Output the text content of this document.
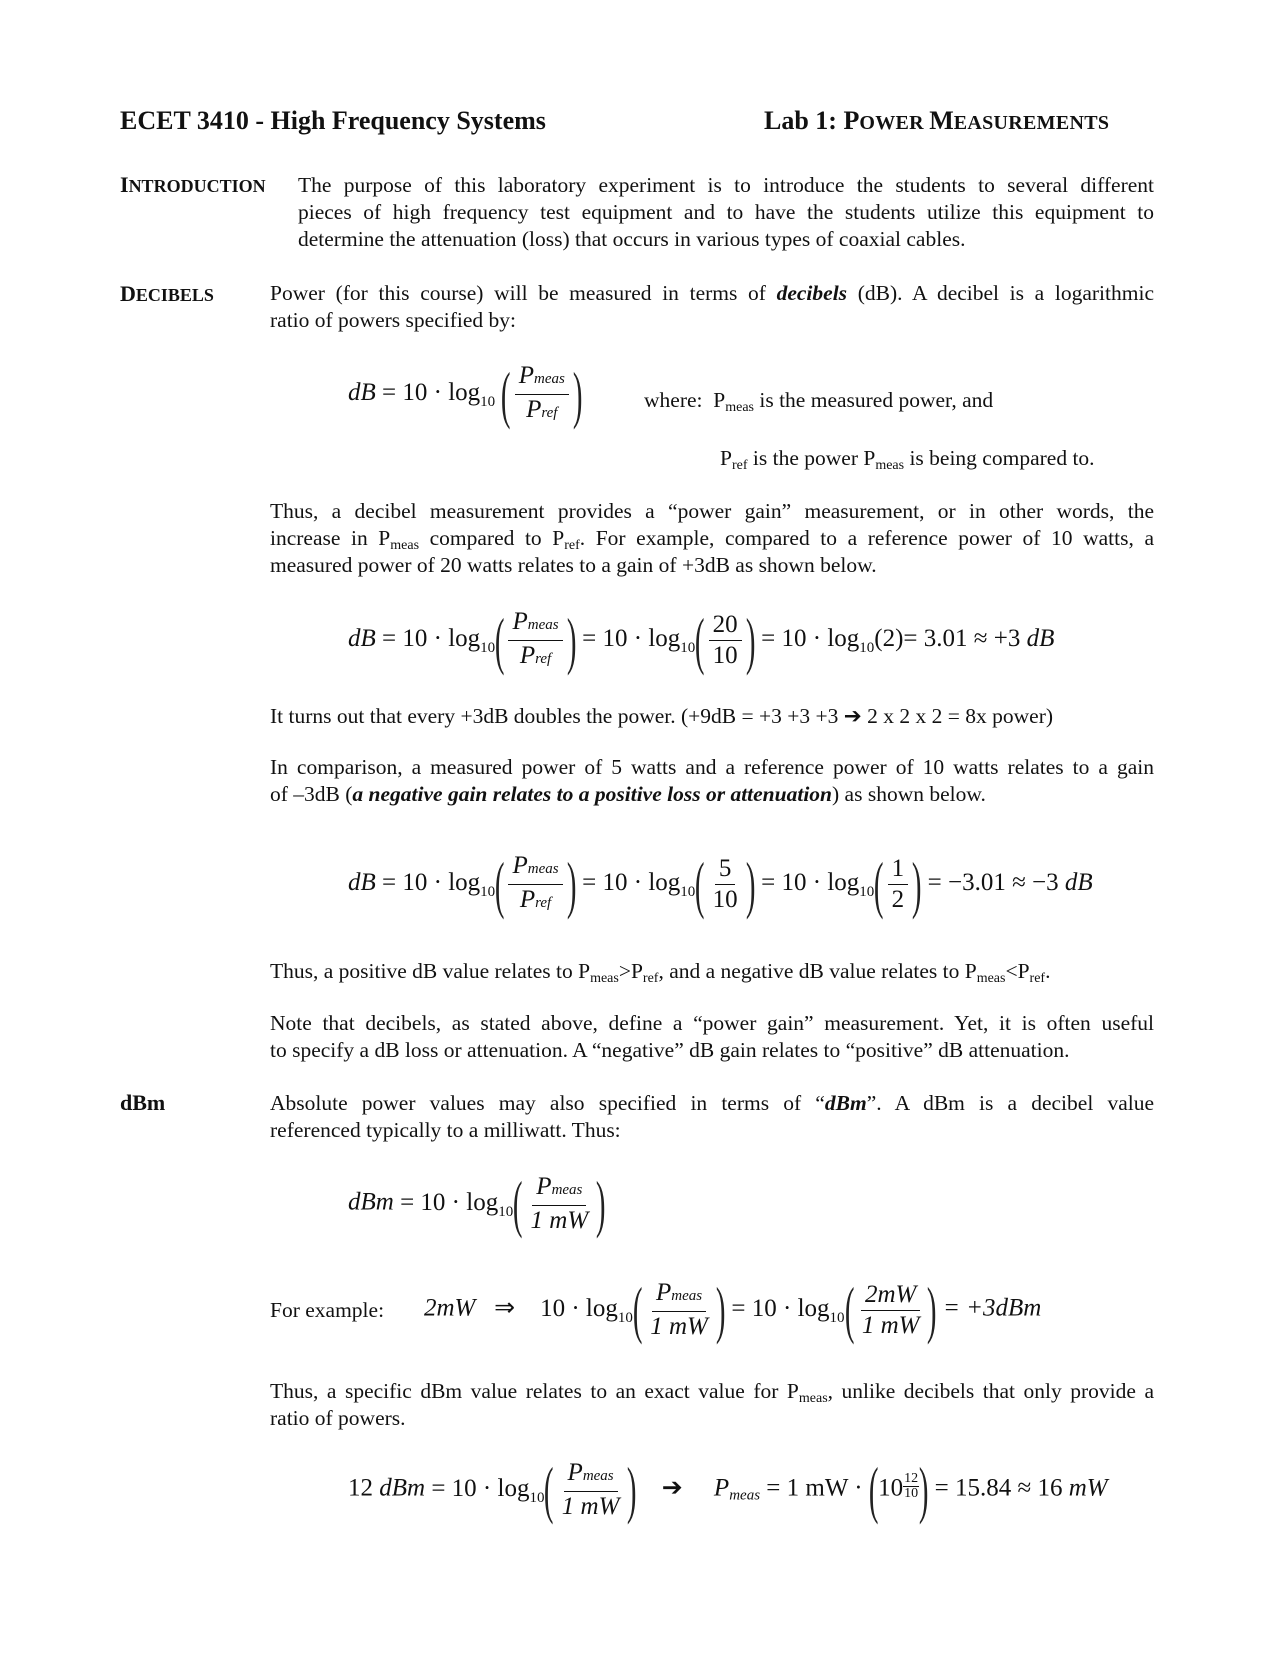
ECET 3410 - High Frequency Systems	Lab 1: POWER MEASUREMENTS
INTRODUCTION The purpose of this laboratory experiment is to introduce the students to several different
pieces of high frequency test equipment and to have the students utilize this equipment to
determine the attenuation (loss) that occurs in various types of coaxial cables.
DECIBELS	Power (for this course) will be measured in terms of decibels (dB). A decibel is a logarithmic
ratio of powers specified by:
dB = $10 \cdot \log_{10}$ ( $\frac{\text{Pmeas}}{\text{Pref}}$ )	where: $P_{meas}$ is the measured power, and
$P_{ref}$ is the power $P_{meas}$ is being compared to.
Thus, a decibel measurement provides a “power gain” measurement, or in other words, the
increase in $P_{meas}$ compared to $P_{ref}$. For example, compared to a reference power of 10 watts, a
measured power of 20 watts relates to a gain of +3dB as shown below.
dB = $10 \cdot \log_{10}( \frac{\text{Pmeas}}{\text{Pref}}$ ) = $10 \cdot \log_{10}( \frac{20}{10}$ ) = $10 \cdot \log_{10}(2)= 3.01 \approx +3$ dB
It turns out that every +3dB doubles the power. (+9dB = +3 +3 +3 ➔ 2 x 2 x 2 = 8x power)
In comparison, a measured power of 5 watts and a reference power of 10 watts relates to a gain
of –3dB (a negative gain relates to a positive loss or attenuation) as shown below.
dB = $10 \cdot \log_{10}( \frac{\text{Pmeas}}{\text{Pref}}$ ) = $10 \cdot \log_{10}( \frac{5}{10}$ ) = $10 \cdot \log_{10}( \frac{1}{2}$ ) = −3.01 ≈ −3 dB
Thus, a positive dB value relates to $P_{meas}>P_{ref}$, and a negative dB value relates to $P_{meas}<P_{ref}$.
Note that decibels, as stated above, define a “power gain” measurement. Yet, it is often useful
to specify a dB loss or attenuation. A “negative” dB gain relates to “positive” dB attenuation.
dBm	Absolute power values may also specified in terms of “dBm”. A dBm is a decibel value
referenced typically to a milliwatt. Thus:
dBm = $10 \cdot \log_{10}( \frac{\text{Pmeas}}{1 mW}$ )
For example: 2mW ⇒ $10 \cdot \log_{10}( \frac{\text{Pmeas}}{1 mW}$ ) = $10 \cdot \log_{10}( \frac{2mW}{1 mW}$ ) = +3dBm
Thus, a specific dBm value relates to an exact value for $P_{meas}$, unlike decibels that only provide a
ratio of powers.
12 dBm = $10 \cdot \log_{10}( \frac{\text{Pmeas}}{1 mW}$ ) ➔ $P_{meas} = 1$ mW · ($10 \frac{12}{10}$ ) = 15.84 ≈ 16 mW
